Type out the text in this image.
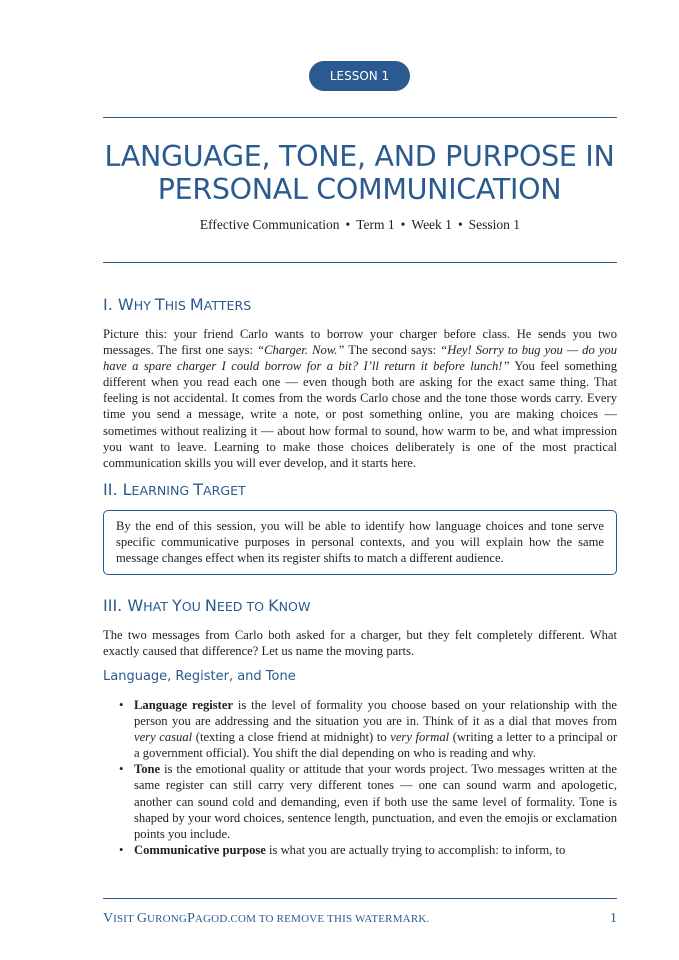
LESSON 1
LANGUAGE, TONE, AND PURPOSE IN
PERSONAL COMMUNICATION
Effective Communication • Term 1 • Week 1 • Session 1
I. WHY THIS MATTERS

Picture this: your friend Carlo wants to borrow your charger before class. He sends you two messages. The first one says: “Charger. Now.” The second says: “Hey! Sorry to bug you — do you have a spare charger I could borrow for a bit? I’ll return it before lunch!” You feel something different when you read each one — even though both are asking for the exact same thing. That feeling is not accidental. It comes from the words Carlo chose and the tone those words carry. Every time you send a message, write a note, or post something online, you are making choices — sometimes without realizing it — about how formal to sound, how warm to be, and what impression you want to leave. Learning to make those choices deliberately is one of the most practical communication skills you will ever develop, and it starts here.

II. LEARNING TARGET
By the end of this session, you will be able to identify how language choices and tone serve specific communicative purposes in personal contexts, and you will explain how the same message changes effect when its register shifts to match a different audience.
III. WHAT YOU NEED TO KNOW

The two messages from Carlo both asked for a charger, but they felt completely different. What exactly caused that difference? Let us name the moving parts.

Language, Register, and Tone
• Language register is the level of formality you choose based on your relationship with the person you are addressing and the situation you are in. Think of it as a dial that moves from very casual (texting a close friend at midnight) to very formal (writing a letter to a principal or a government official). You shift the dial depending on who is reading and why.
• Tone is the emotional quality or attitude that your words project. Two messages written at the same register can still carry very different tones — one can sound warm and apologetic, another can sound cold and demanding, even if both use the same level of formality. Tone is shaped by your word choices, sentence length, punctuation, and even the emojis or exclamation points you include.
• Communicative purpose is what you are actually trying to accomplish: to inform, to
VISIT GURONGPAGOD.COM TO REMOVE THIS WATERMARK.	1
